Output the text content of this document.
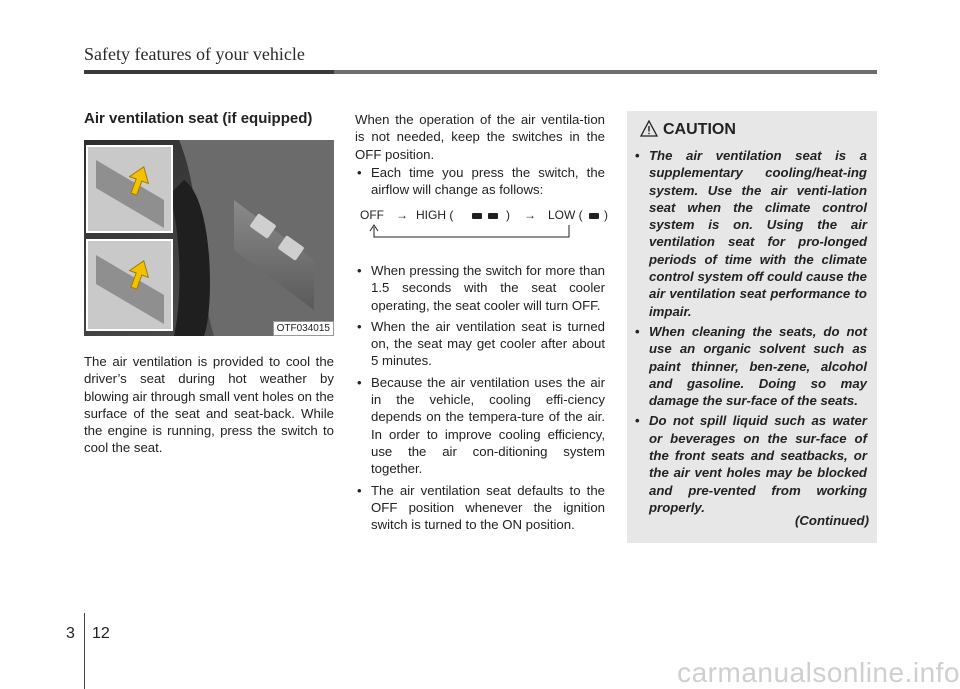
Safety features of your vehicle
Air ventilation seat (if equipped)
OTF034015
The air ventilation is provided to cool the driver’s seat during hot weather by blowing air through small vent holes on the surface of the seat and seat-back. While the engine is running, press the switch to cool the seat.
When the operation of the air ventila-tion is not needed, keep the switches in the OFF position.
• Each time you press the switch, the airflow will change as follows:
OFF → HIGH (	) → LOW ( )
• When pressing the switch for more than 1.5 seconds with the seat cooler operating, the seat cooler will turn OFF.
• When the air ventilation seat is turned on, the seat may get cooler after about 5 minutes.
• Because the air ventilation uses the air in the vehicle, cooling effi-ciency depends on the tempera-ture of the air. In order to improve cooling efficiency, use the air con-ditioning system together.
• The air ventilation seat defaults to the OFF position whenever the ignition switch is turned to the ON position.
CAUTION
• The air ventilation seat is a supplementary cooling/heat-ing system. Use the air venti-lation seat when the climate control system is on. Using the air ventilation seat for pro-longed periods of time with the climate control system off could cause the air ventilation seat performance to impair.
• When cleaning the seats, do not use an organic solvent such as paint thinner, ben-zene, alcohol and gasoline. Doing so may damage the sur-face of the seats.
• Do not spill liquid such as water or beverages on the sur-face of the front seats and seatbacks, or the air vent holes may be blocked and pre-vented from working properly.
(Continued)
3 12
carmanualsonline.info
